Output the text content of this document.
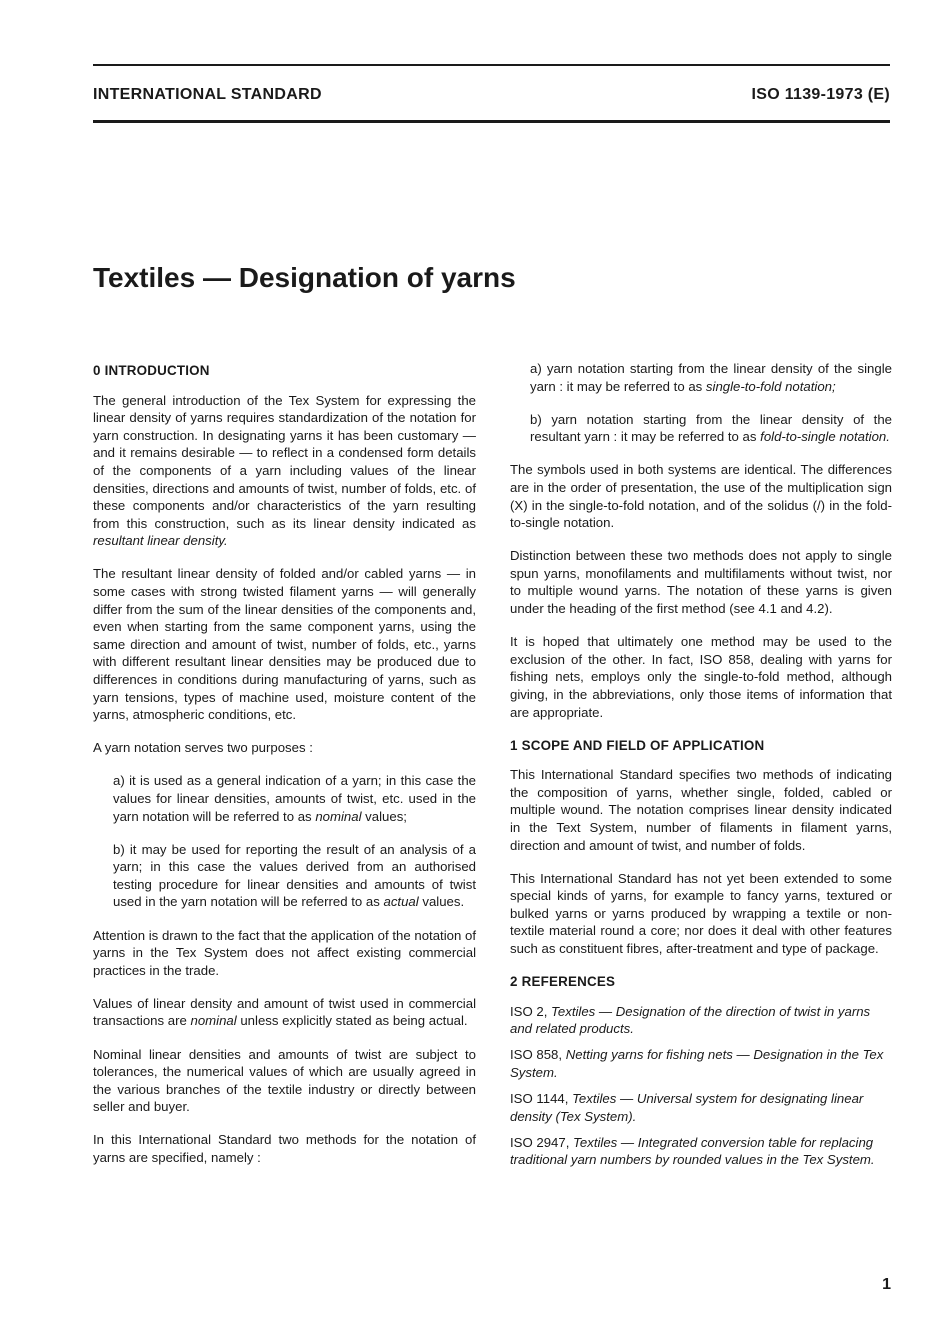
INTERNATIONAL STANDARD	ISO 1139-1973 (E)
Textiles — Designation of yarns
0 INTRODUCTION

The general introduction of the Tex System for expressing the linear density of yarns requires standardization of the notation for yarn construction. In designating yarns it has been customary — and it remains desirable — to reflect in a condensed form details of the components of a yarn including values of the linear densities, directions and amounts of twist, number of folds, etc. of these components and/or characteristics of the yarn resulting from this construction, such as its linear density indicated as resultant linear density.

The resultant linear density of folded and/or cabled yarns — in some cases with strong twisted filament yarns — will generally differ from the sum of the linear densities of the components and, even when starting from the same component yarns, using the same direction and amount of twist, number of folds, etc., yarns with different resultant linear densities may be produced due to differences in conditions during manufacturing of yarns, such as yarn tensions, types of machine used, moisture content of the yarns, atmospheric conditions, etc.

A yarn notation serves two purposes :

a) it is used as a general indication of a yarn; in this case the values for linear densities, amounts of twist, etc. used in the yarn notation will be referred to as nominal values;

b) it may be used for reporting the result of an analysis of a yarn; in this case the values derived from an authorised testing procedure for linear densities and amounts of twist used in the yarn notation will be referred to as actual values.

Attention is drawn to the fact that the application of the notation of yarns in the Tex System does not affect existing commercial practices in the trade.

Values of linear density and amount of twist used in commercial transactions are nominal unless explicitly stated as being actual.

Nominal linear densities and amounts of twist are subject to tolerances, the numerical values of which are usually agreed in the various branches of the textile industry or directly between seller and buyer.

In this International Standard two methods for the notation of yarns are specified, namely :

a) yarn notation starting from the linear density of the single yarn : it may be referred to as single-to-fold notation;

b) yarn notation starting from the linear density of the resultant yarn : it may be referred to as fold-to-single notation.

The symbols used in both systems are identical. The differences are in the order of presentation, the use of the multiplication sign (X) in the single-to-fold notation, and of the solidus (/) in the fold-to-single notation.

Distinction between these two methods does not apply to single spun yarns, monofilaments and multifilaments without twist, nor to multiple wound yarns. The notation of these yarns is given under the heading of the first method (see 4.1 and 4.2).

It is hoped that ultimately one method may be used to the exclusion of the other. In fact, ISO 858, dealing with yarns for fishing nets, employs only the single-to-fold method, although giving, in the abbreviations, only those items of information that are appropriate.

1 SCOPE AND FIELD OF APPLICATION

This International Standard specifies two methods of indicating the composition of yarns, whether single, folded, cabled or multiple wound. The notation comprises linear density indicated in the Text System, number of filaments in filament yarns, direction and amount of twist, and number of folds.

This International Standard has not yet been extended to some special kinds of yarns, for example to fancy yarns, textured or bulked yarns or yarns produced by wrapping a textile or non-textile material round a core; nor does it deal with other features such as constituent fibres, after-treatment and type of package.

2 REFERENCES

ISO 2, Textiles — Designation of the direction of twist in yarns and related products.

ISO 858, Netting yarns for fishing nets — Designation in the Tex System.

ISO 1144, Textiles — Universal system for designating linear density (Tex System).

ISO 2947, Textiles — Integrated conversion table for replacing traditional yarn numbers by rounded values in the Tex System.

1
